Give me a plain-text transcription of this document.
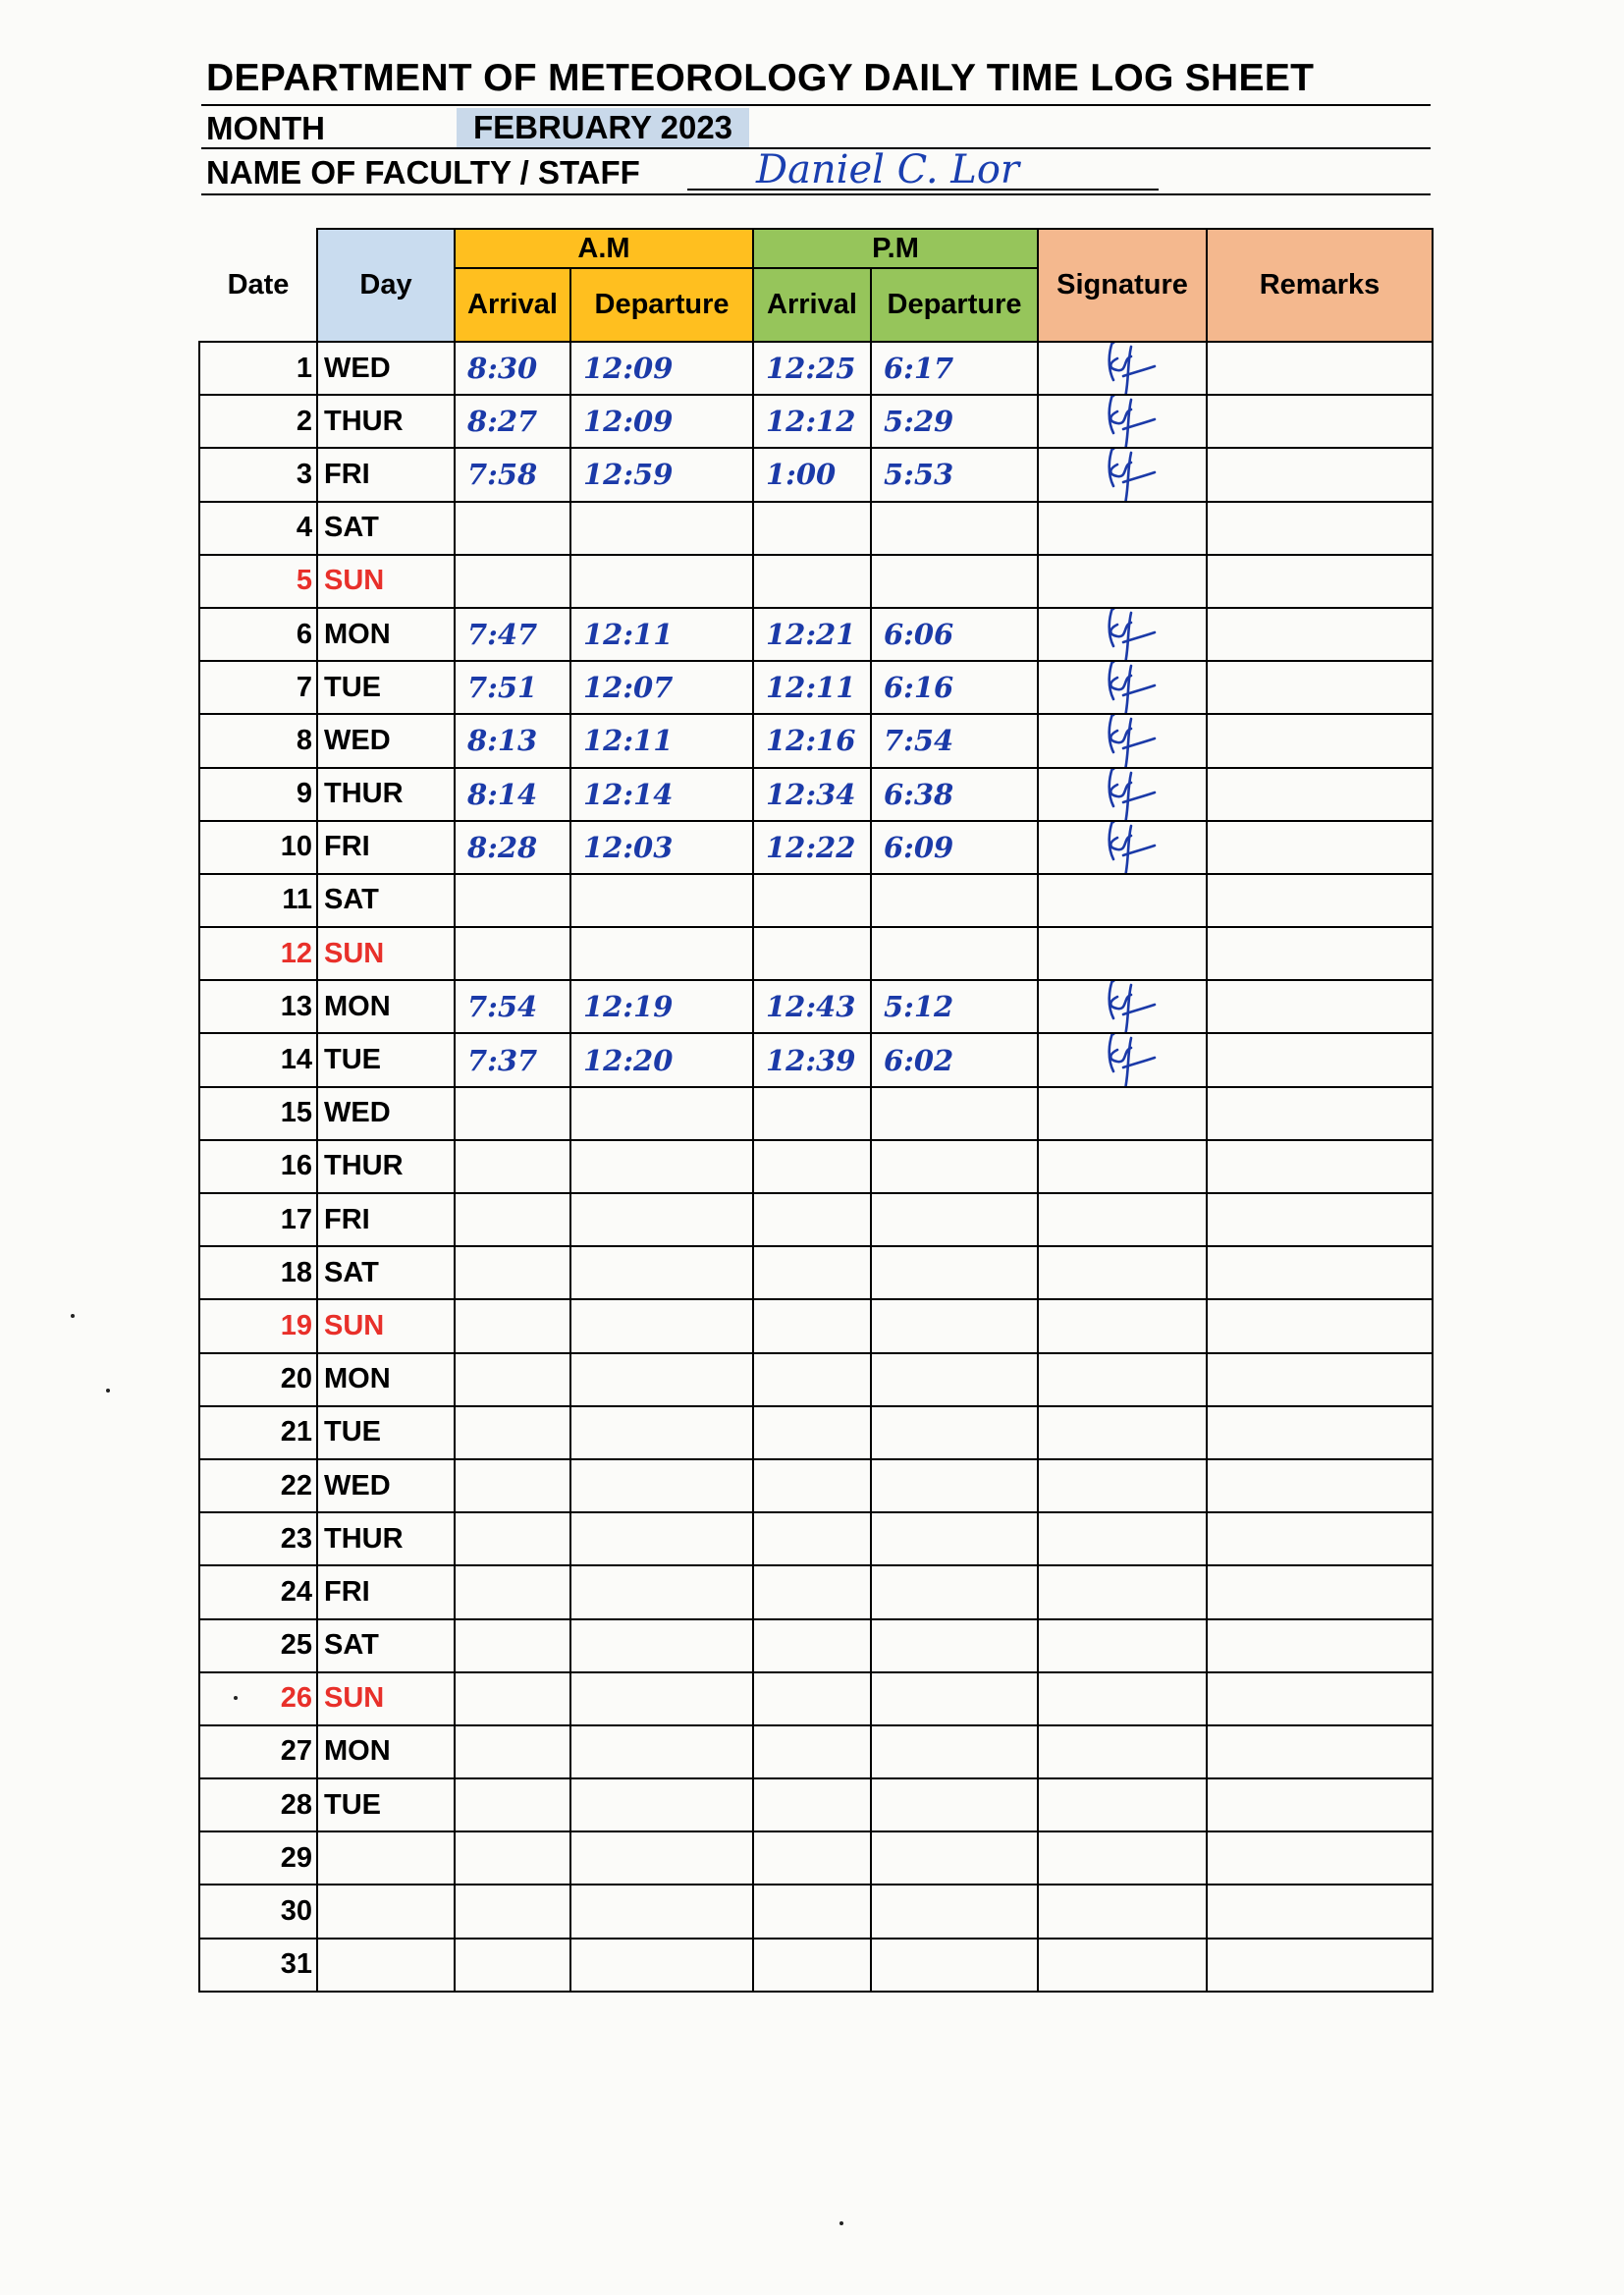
DEPARTMENT OF METEOROLOGY DAILY TIME LOG SHEET
MONTH	FEBRUARY 2023
NAME OF FACULTY / STAFF	Daniel C. Lor
Date	Day	A.M		P.M		Signature	Remarks
		Arrival	Departure	Arrival	Departure		
1	WED	8:30	12:09	12:25	6:17	

2	THUR	8:27	12:09	12:12	5:29	

3	FRI	7:58	12:59	1:00	5:53	

4	SAT						
5	SUN						
6	MON	7:47	12:11	12:21	6:06	

7	TUE	7:51	12:07	12:11	6:16	

8	WED	8:13	12:11	12:16	7:54	

9	THUR	8:14	12:14	12:34	6:38	

10	FRI	8:28	12:03	12:22	6:09	

11	SAT						
12	SUN						
13	MON	7:54	12:19	12:43	5:12	

14	TUE	7:37	12:20	12:39	6:02	

15	WED						
16	THUR						
17	FRI						
18	SAT						
19	SUN						
20	MON						
21	TUE						
22	WED						
23	THUR						
24	FRI						
25	SAT						
26	SUN						
27	MON						
28	TUE						
29							
30							
31							
